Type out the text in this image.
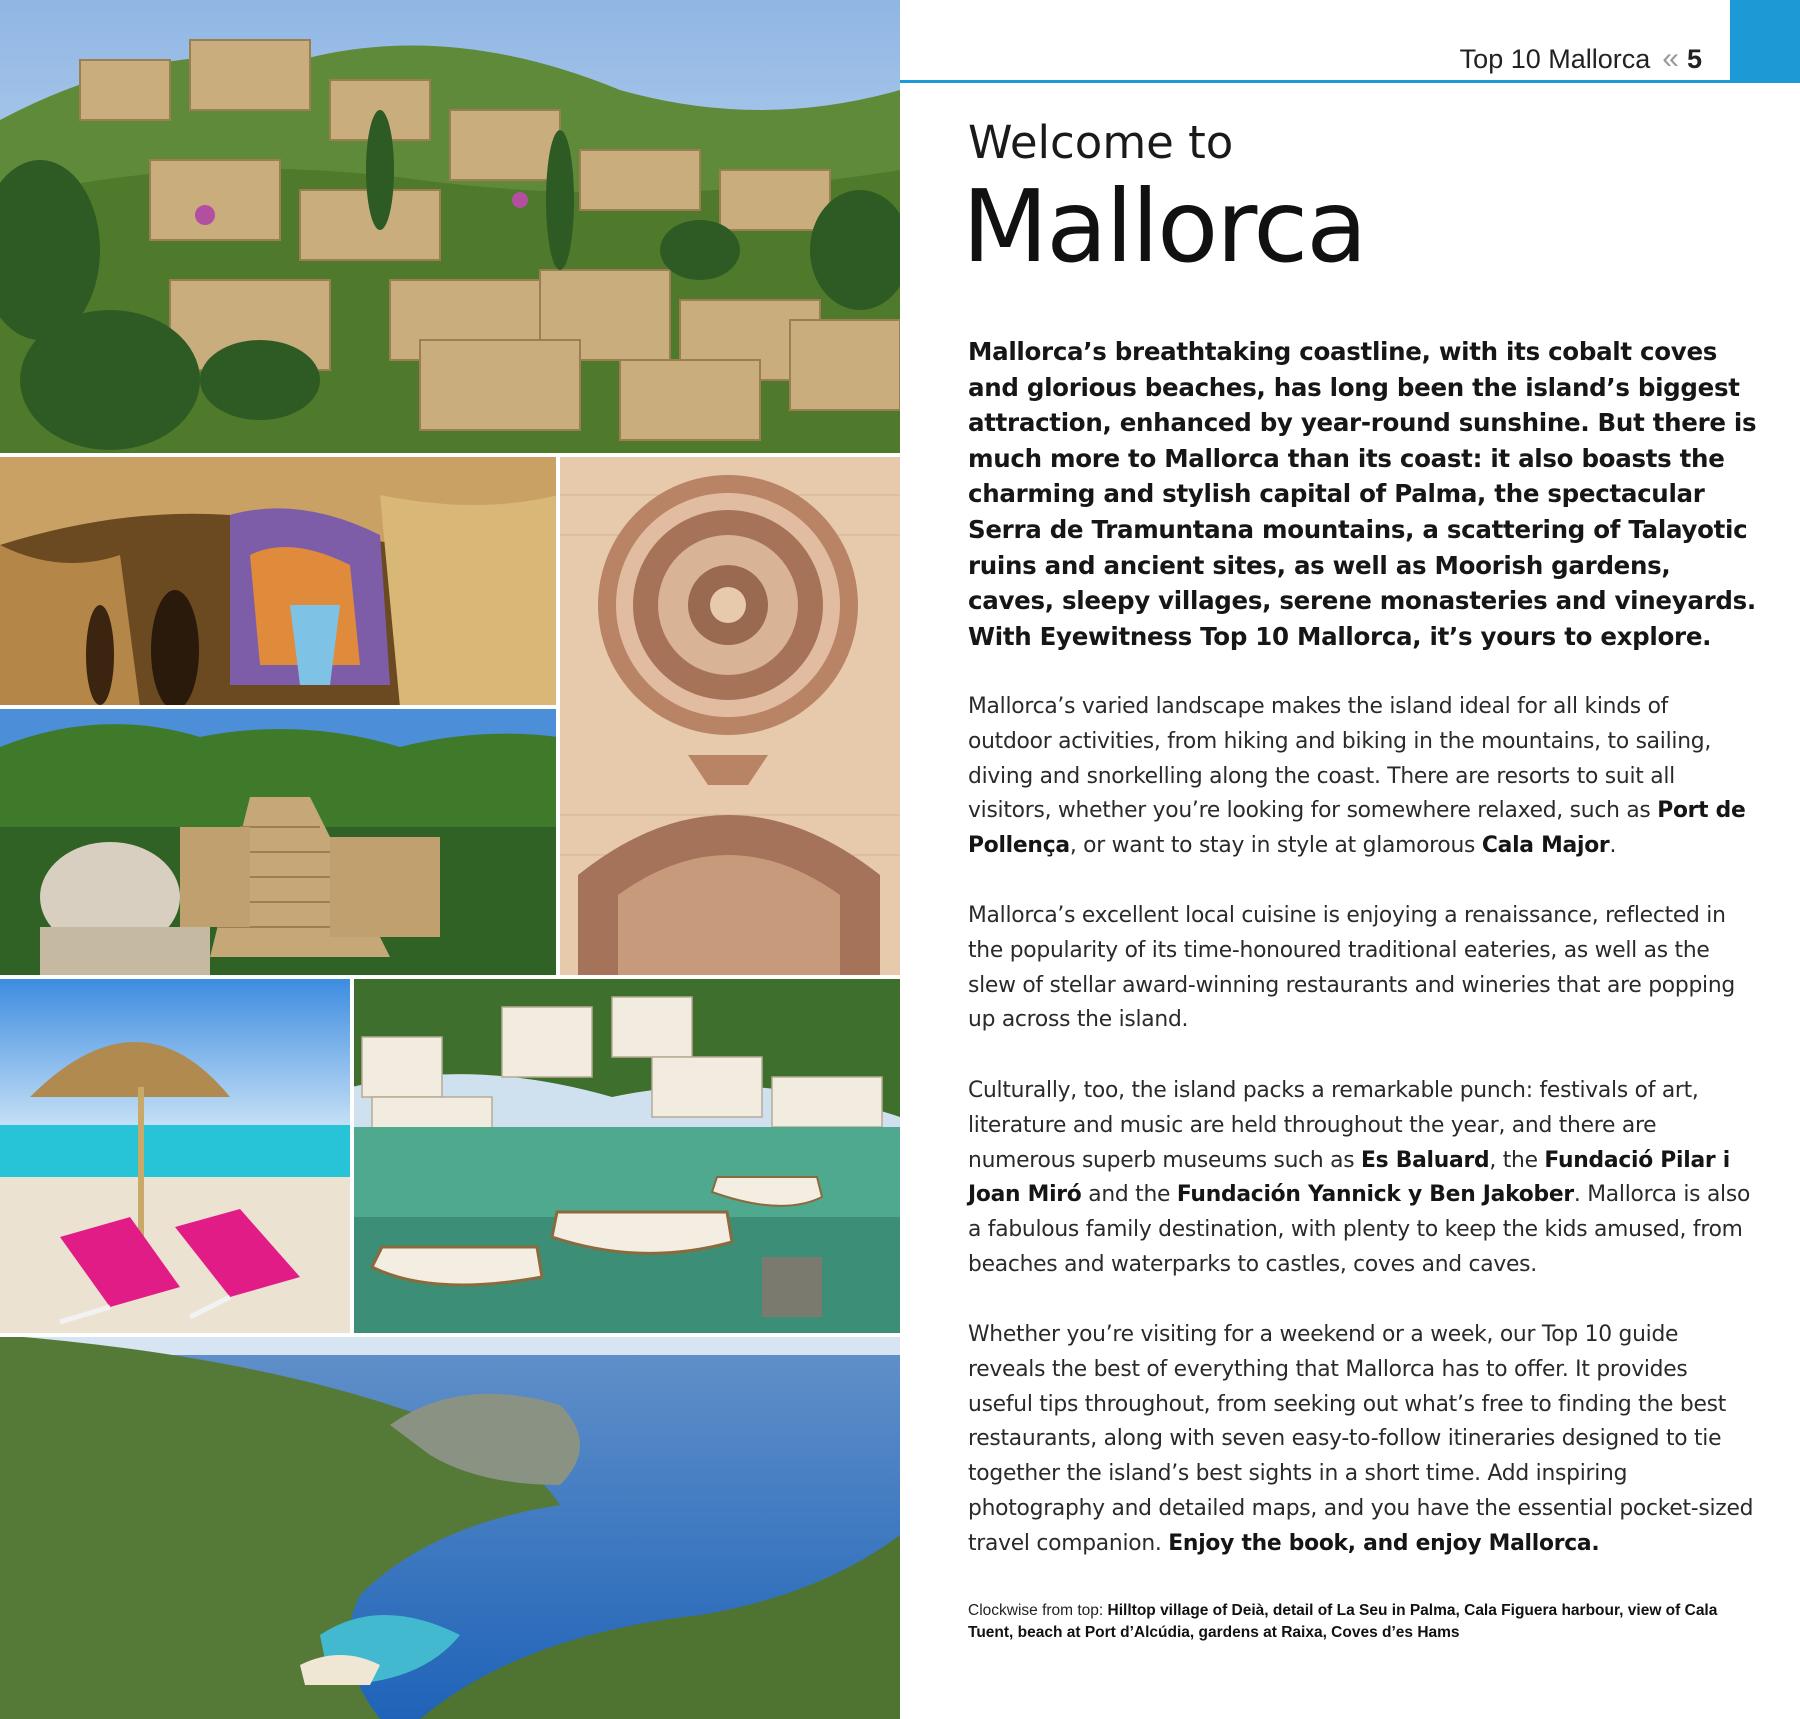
Top 10 Mallorca « 5
Welcome to
Mallorca

Mallorca’s breathtaking coastline, with its cobalt coves and glorious beaches, has long been the island’s biggest attraction, enhanced by year-round sunshine. But there is much more to Mallorca than its coast: it also boasts the charming and stylish capital of Palma, the spectacular Serra de Tramuntana mountains, a scattering of Talayotic ruins and ancient sites, as well as Moorish gardens, caves, sleepy villages, serene monasteries and vineyards. With Eyewitness Top 10 Mallorca, it’s yours to explore.

Mallorca’s varied landscape makes the island ideal for all kinds of outdoor activities, from hiking and biking in the mountains, to sailing, diving and snorkelling along the coast. There are resorts to suit all visitors, whether you’re looking for somewhere relaxed, such as Port de Pollença, or want to stay in style at glamorous Cala Major.

Mallorca’s excellent local cuisine is enjoying a renaissance, reflected in the popularity of its time-honoured traditional eateries, as well as the slew of stellar award-winning restaurants and wineries that are popping up across the island.

Culturally, too, the island packs a remarkable punch: festivals of art, literature and music are held throughout the year, and there are numerous superb museums such as Es Baluard, the Fundació Pilar i Joan Miró and the Fundación Yannick y Ben Jakober. Mallorca is also a fabulous family destination, with plenty to keep the kids amused, from beaches and waterparks to castles, coves and caves.

Whether you’re visiting for a weekend or a week, our Top 10 guide reveals the best of everything that Mallorca has to offer. It provides useful tips throughout, from seeking out what’s free to finding the best restaurants, along with seven easy-to-follow itineraries designed to tie together the island’s best sights in a short time. Add inspiring photography and detailed maps, and you have the essential pocket-sized travel companion. Enjoy the book, and enjoy Mallorca.

Clockwise from top: Hilltop village of Deià, detail of La Seu in Palma, Cala Figuera harbour, view of Cala Tuent, beach at Port d’Alcúdia, gardens at Raixa, Coves d’es Hams
